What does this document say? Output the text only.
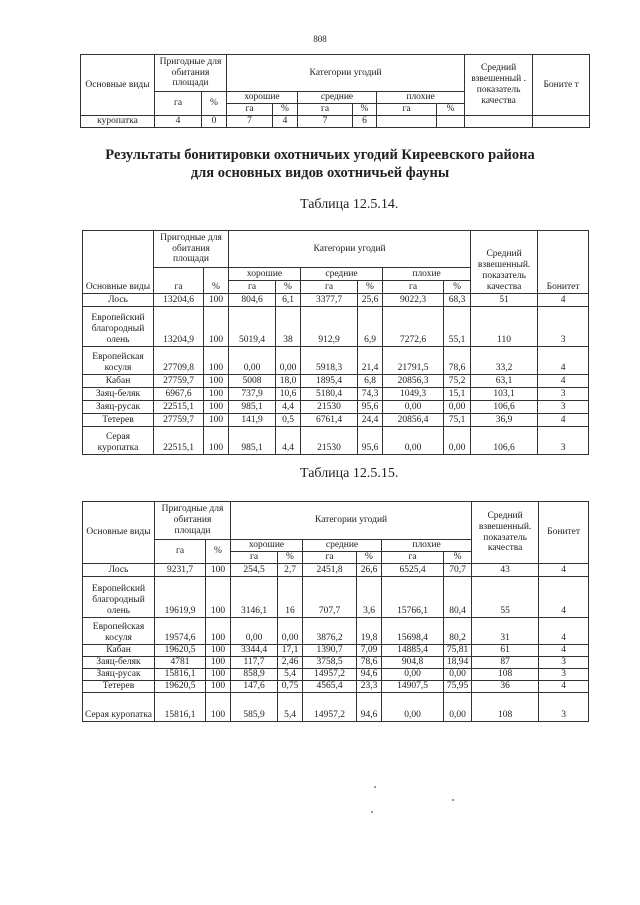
808
Основные виды	Пригодные для обитания площади		Категории угодий						Средний взвешенный . показатель качества	Боните т
	га	%	хорошие		средние		плохие			
			га	%	га	%	га	%		
куропатка	4	0	7	4	7	6				
Результаты бонитировки охотничьих угодий Киреевского района
для основных видов охотничьей фауны
Таблица 12.5.14.
Основные виды	Пригодные для обитания площади		Категории угодий						Средний взвешенный. показатель качества	Бонитет
	га	%	хорошие		средние		плохие			
			га	%	га	%	га	%		
Лось	13204,6	100	804,6	6,1	3377,7	25,6	9022,3	68,3	51	4
Европейский благородный олень	13204,9	100	5019,4	38	912,9	6,9	7272,6	55,1	110	3
Европейская косуля	27709,8	100	0,00	0,00	5918,3	21,4	21791,5	78,6	33,2	4
Кабан	27759,7	100	5008	18,0	1895,4	6,8	20856,3	75,2	63,1	4
Заяц-беляк	6967,6	100	737,9	10,6	5180,4	74,3	1049,3	15,1	103,1	3
Заяц-русак	22515,1	100	985,1	4,4	21530	95,6	0,00	0,00	106,6	3
Тетерев	27759,7	100	141,9	0,5	6761,4	24,4	20856,4	75,1	36,9	4
Серая куропатка	22515,1	100	985,1	4,4	21530	95,6	0,00	0,00	106,6	3
Таблица 12.5.15.
Основные виды	Пригодные для обитания площади		Категории угодий						Средний взвешенный. показатель качества	Бонитет
	га	%	хорошие		средние		плохие			
			га	%	га	%	га	%		
Лось	9231,7	100	254,5	2,7	2451,8	26,6	6525,4	70,7	43	4
Европейский благородный олень	19619,9	100	3146,1	16	707,7	3,6	15766,1	80,4	55	4
Европейская косуля	19574,6	100	0,00	0,00	3876,2	19,8	15698,4	80,2	31	4
Кабан	19620,5	100	3344,4	17,1	1390,7	7,09	14885,4	75,81	61	4
Заяц-беляк	4781	100	117,7	2,46	3758,5	78,6	904,8	18,94	87	3
Заяц-русак	15816,1	100	858,9	5,4	14957,2	94,6	0,00	0,00	108	3
Тетерев	19620,5	100	147,6	0,75	4565,4	23,3	14907,5	75,95	36	4
Серая куропатка	15816,1	100	585,9	5,4	14957,2	94,6	0,00	0,00	108	3
